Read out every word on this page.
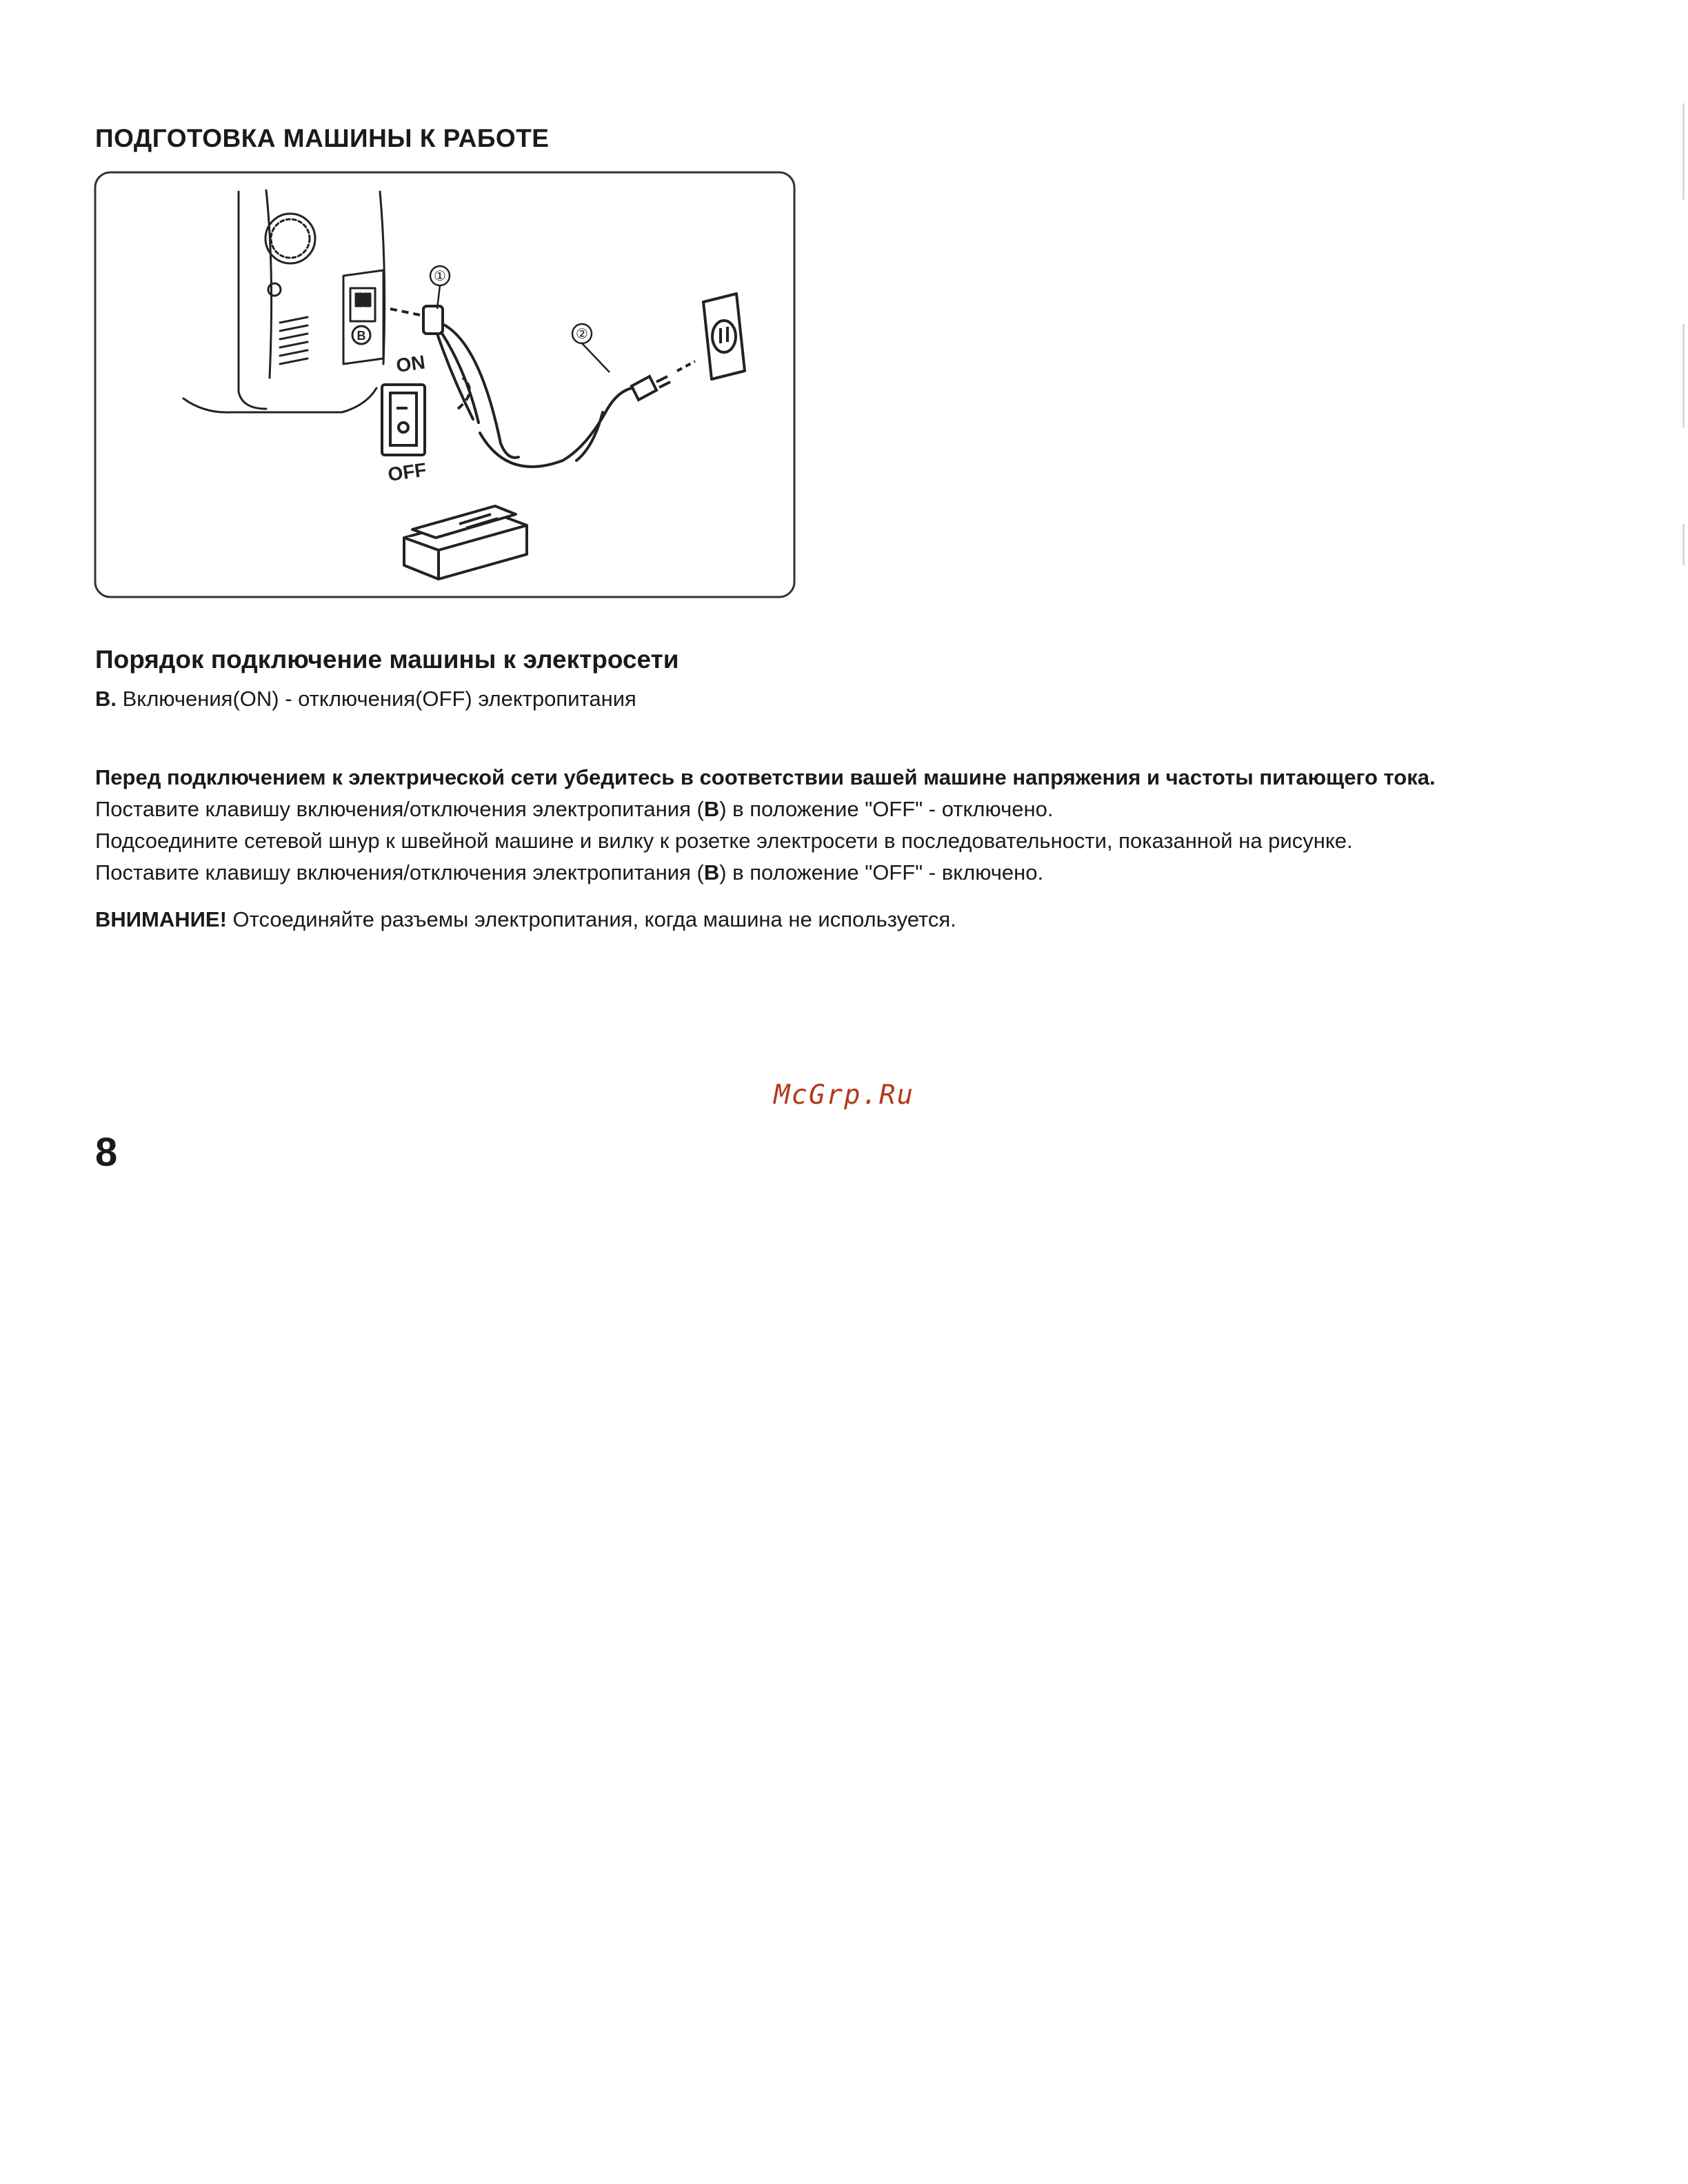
ПОДГОТОВКА МАШИНЫ К РАБОТЕ
B
①
②
ON
OFF
Порядок подключение машины к электросети
B. Включения(ON) - отключения(OFF) электропитания
Перед подключением к электрической сети убедитесь в соответствии вашей машине напряжения и частоты питающего тока.
Поставите клавишу включения/отключения электропитания (B) в положение "OFF" - отключено.
Подсоедините сетевой шнур к швейной машине и вилку к розетке электросети в последовательности, показанной на рисунке.
Поставите клавишу включения/отключения электропитания (B) в положение "OFF" - включено.
ВНИМАНИЕ! Отсоединяйте разъемы электропитания, когда машина не используется.
McGrp.Ru
8
